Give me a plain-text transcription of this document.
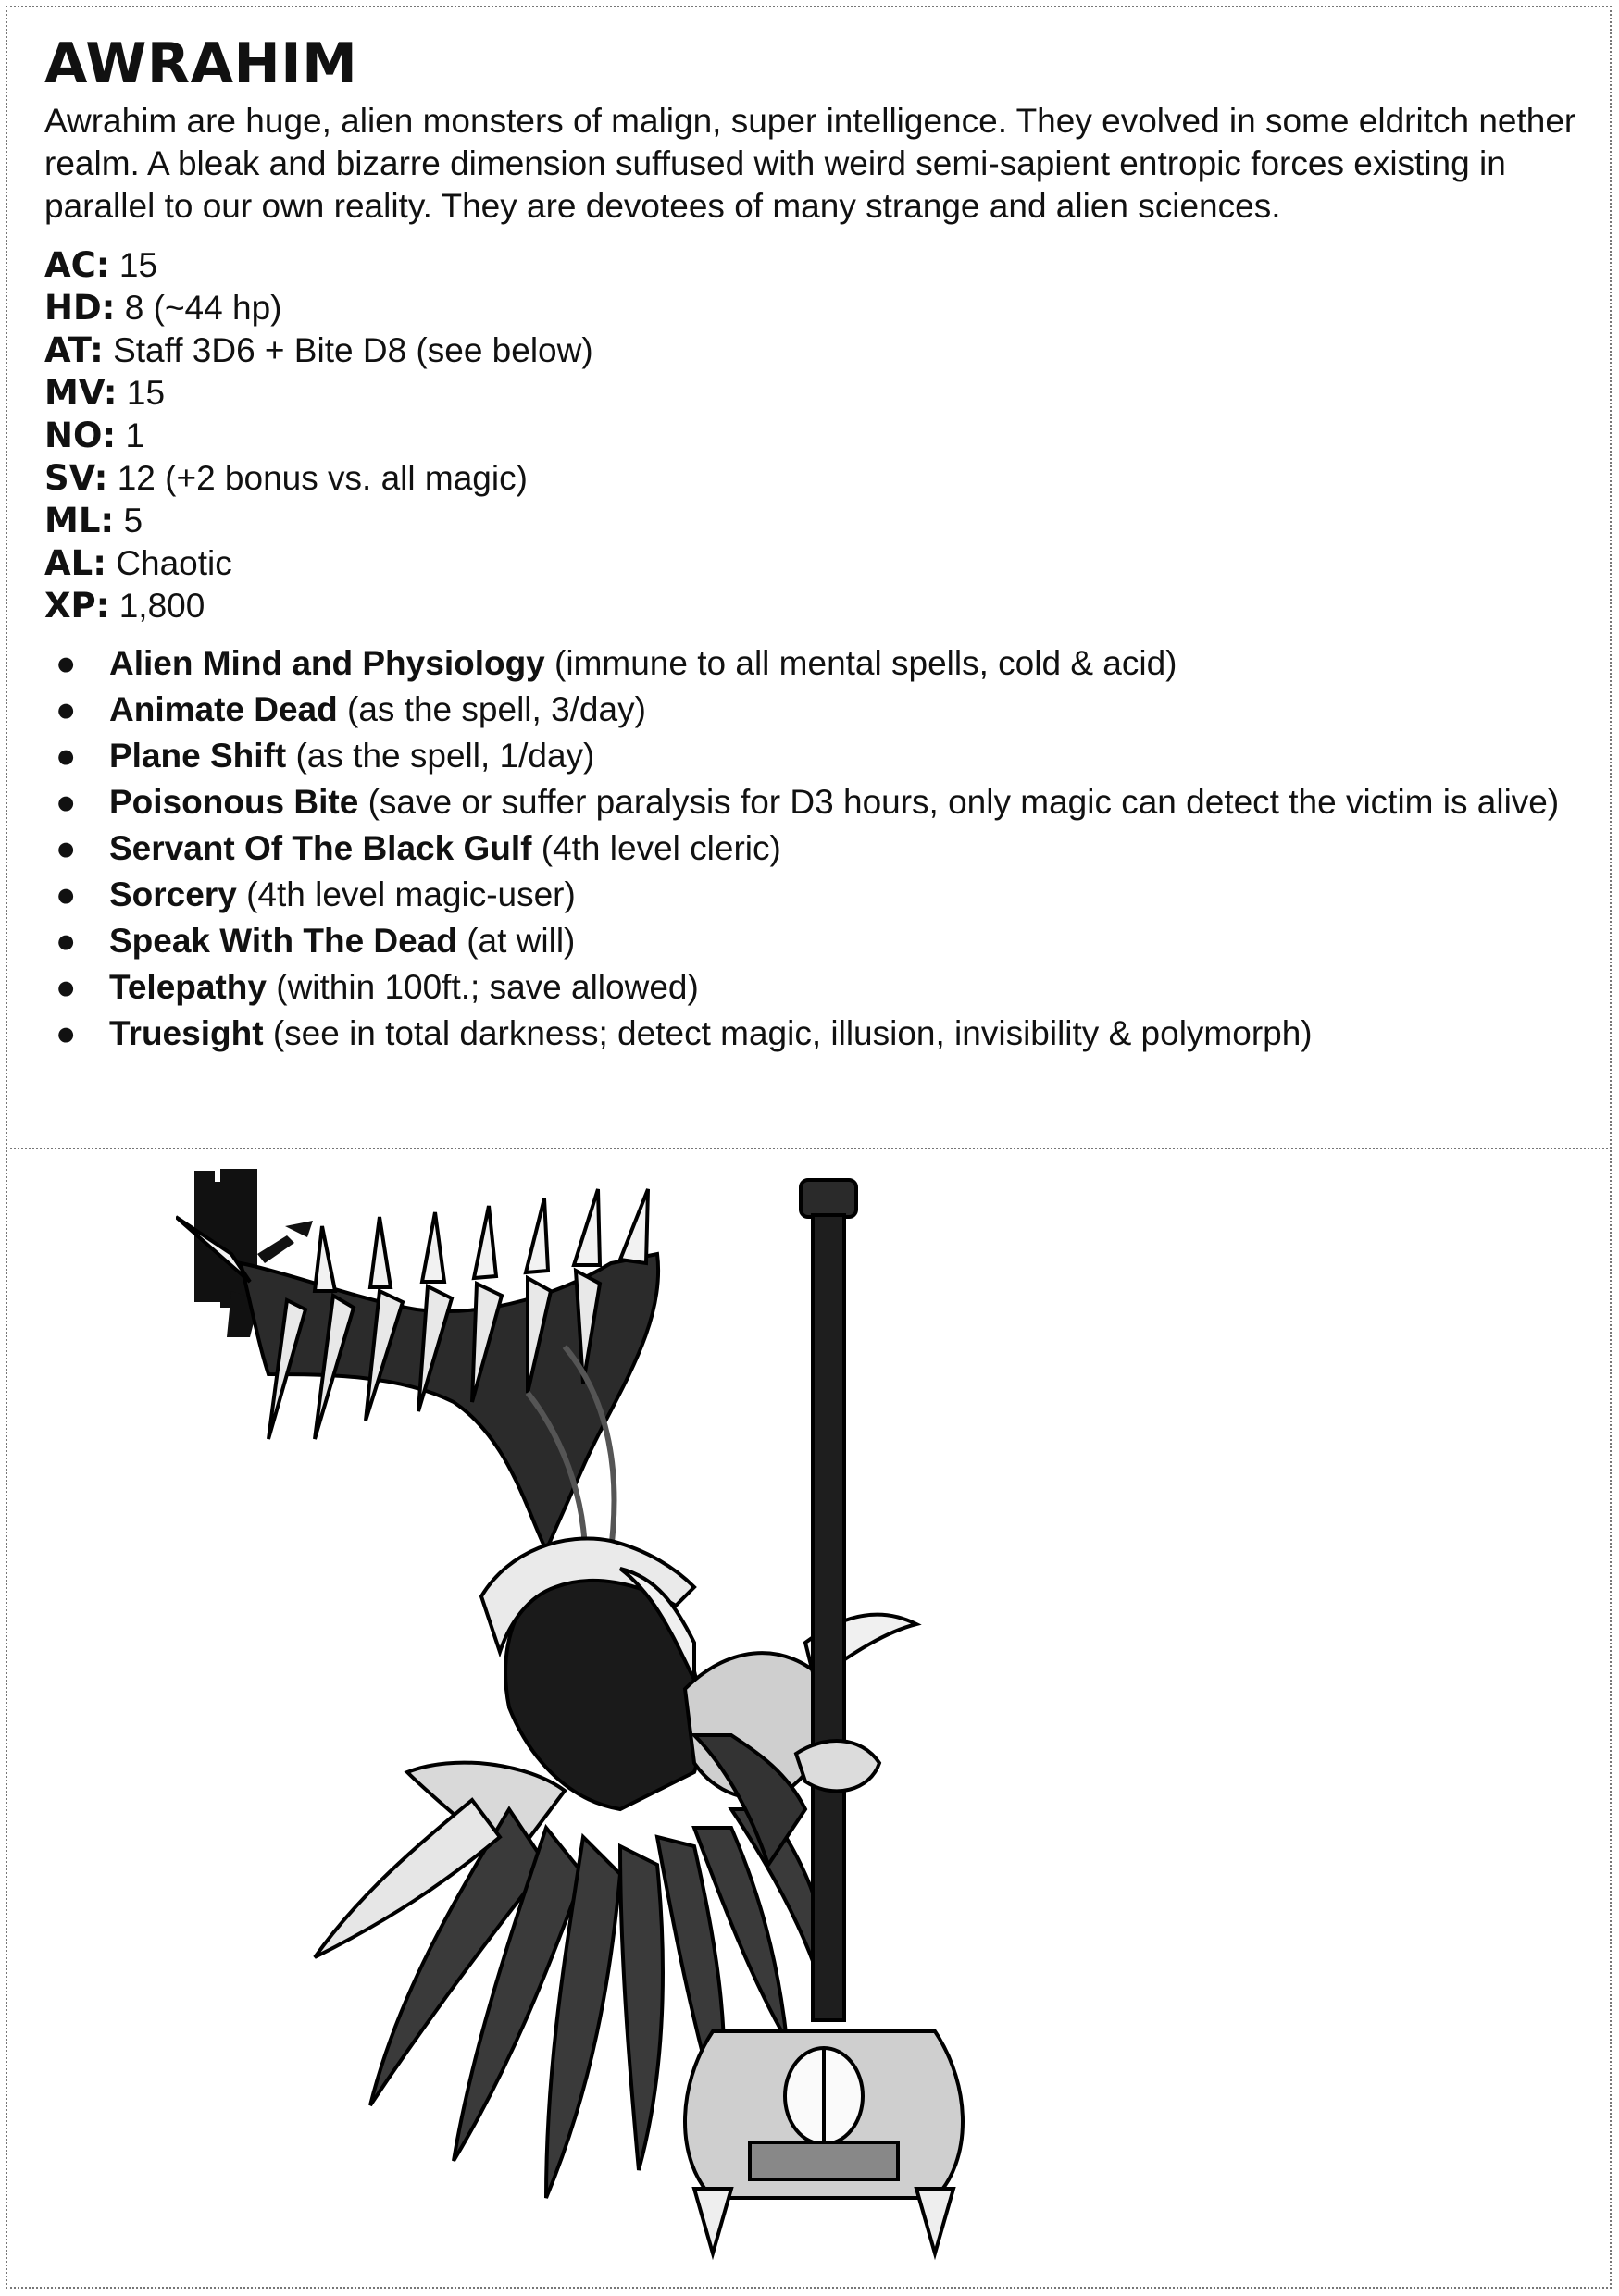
AWRAHIM

Awrahim are huge, alien monsters of malign, super intelligence. They evolved in some eldritch nether realm. A bleak and bizarre dimension suffused with weird semi-sapient entropic forces existing in parallel to our own reality. They are devotees of many strange and alien sciences.

AC: 15
HD: 8 (~44 hp)
AT: Staff 3D6 + Bite D8 (see below)
MV: 15
NO: 1
SV: 12 (+2 bonus vs. all magic)
ML: 5
AL: Chaotic
XP: 1,800
● Alien Mind and Physiology (immune to all mental spells, cold & acid)
● Animate Dead (as the spell, 3/day)
● Plane Shift (as the spell, 1/day)
● Poisonous Bite (save or suffer paralysis for D3 hours, only magic can detect the victim is alive)
● Servant Of The Black Gulf (4th level cleric)
● Sorcery (4th level magic-user)
● Speak With The Dead (at will)
● Telepathy (within 100ft.; save allowed)
● Truesight (see in total darkness; detect magic, illusion, invisibility & polymorph)
